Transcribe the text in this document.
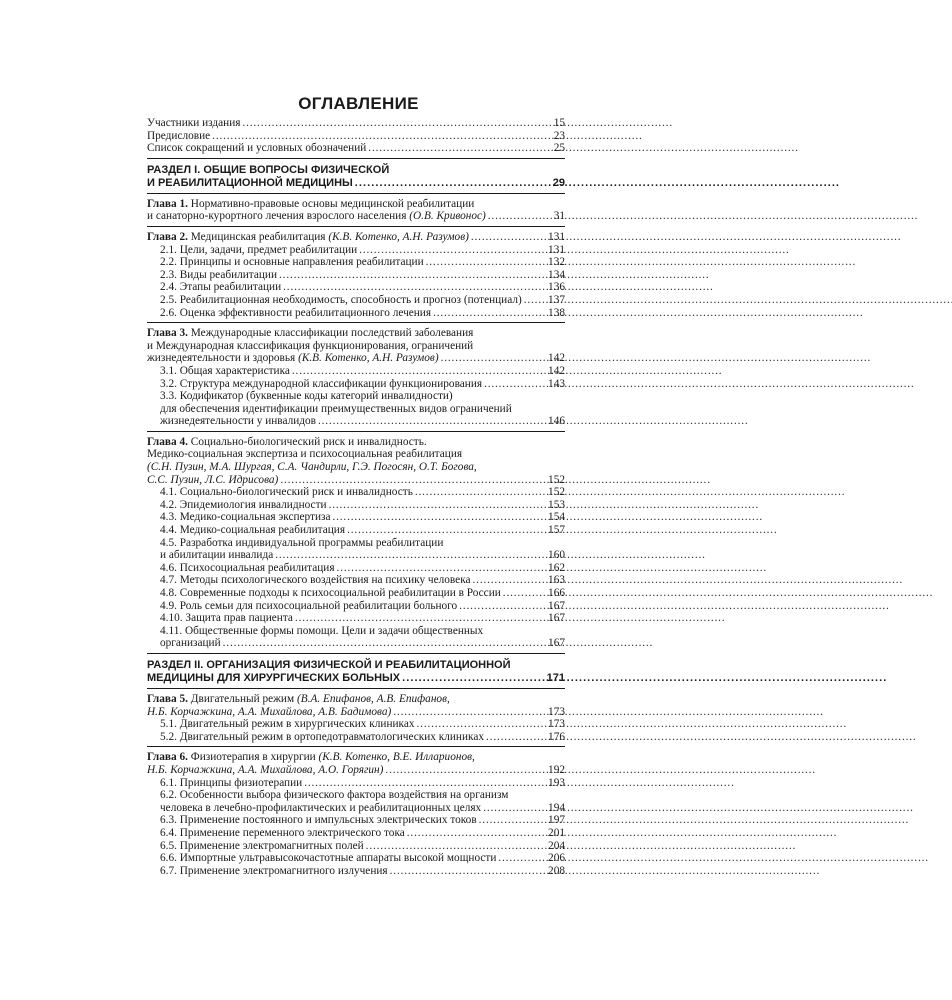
ОГЛАВЛЕНИЕ
Участники издания . . .	15
Предисловие . . .	23
Список сокращений и условных обозначений . . .	25
РАЗДЕЛ I. ОБЩИЕ ВОПРОСЫ ФИЗИЧЕСКОЙ
И РЕАБИЛИТАЦИОННОЙ МЕДИЦИНЫ . . .	29
Глава 1. Нормативно-правовые основы медицинской реабилитации
и санаторно-курортного лечения взрослого населения (О.В. Кривонос) . . .	31
Глава 2. Медицинская реабилитация (К.В. Котенко, А.Н. Разумов) . . .	131
2.1. Цели, задачи, предмет реабилитации . . .	131
2.2. Принципы и основные направления реабилитации . . .	132
2.3. Виды реабилитации . . .	134
2.4. Этапы реабилитации . . .	136
2.5. Реабилитационная необходимость, способность и прогноз (потенциал) . . . 137
2.6. Оценка эффективности реабилитационного лечения . . .	138
Глава 3. Международные классификации последствий заболевания
и Международная классификация функционирования, ограничений
жизнедеятельности и здоровья (К.В. Котенко, А.Н. Разумов) . . .	142
3.1. Общая характеристика . . .	142
3.2. Структура международной классификации функционирования . . .	143
3.3. Кодификатор (буквенные коды категорий инвалидности)
для обеспечения идентификации преимущественных видов ограничений
жизнедеятельности у инвалидов . . .	146
Глава 4. Социально-биологический риск и инвалидность.
Медико-социальная экспертиза и психосоциальная реабилитация
(С.Н. Пузин, М.А. Шургая, С.А. Чандирли, Г.Э. Погосян, О.Т. Богова,
С.С. Пузин, Л.С. Идрисова) . . .	152
4.1. Социально-биологический риск и инвалидность . . .	152
4.2. Эпидемиология инвалидности . . .	153
4.3. Медико-социальная экспертиза . . .	154
4.4. Медико-социальная реабилитация . . .	157
4.5. Разработка индивидуальной программы реабилитации
и абилитации инвалида . . .	160
4.6. Психосоциальная реабилитация . . .	162
4.7. Методы психологического воздействия на психику человека . . .	163
4.8. Современные подходы к психосоциальной реабилитации в России . . .	166
4.9. Роль семьи для психосоциальной реабилитации больного . . .	167
4.10. Защита прав пациента . . .	167
4.11. Общественные формы помощи. Цели и задачи общественных
организаций . . .	167
РАЗДЕЛ II. ОРГАНИЗАЦИЯ ФИЗИЧЕСКОЙ И РЕАБИЛИТАЦИОННОЙ
МЕДИЦИНЫ ДЛЯ ХИРУРГИЧЕСКИХ БОЛЬНЫХ . . .	171
Глава 5. Двигательный режим (В.А. Епифанов, А.В. Епифанов,
Н.Б. Корчажкина, А.А. Михайлова, А.В. Бадимова) . . .	173
5.1. Двигательный режим в хирургических клиниках . . .	173
5.2. Двигательный режим в ортопедотравматологических клиниках . . .	176
Глава 6. Физиотерапия в хирургии (К.В. Котенко, В.Е. Илларионов,
Н.Б. Корчажкина, А.А. Михайлова, А.О. Горягин) . . .	192
6.1. Принципы физиотерапии . . .	193
6.2. Особенности выбора физического фактора воздействия на организм
человека в лечебно-профилактических и реабилитационных целях . . .	194
6.3. Применение постоянного и импульсных электрических токов . . .	197
6.4. Применение переменного электрического тока . . .	201
6.5. Применение электромагнитных полей . . .	204
6.6. Импортные ультравысокочастотные аппараты высокой мощности . . .	206
6.7. Применение электромагнитного излучения . . .	208
